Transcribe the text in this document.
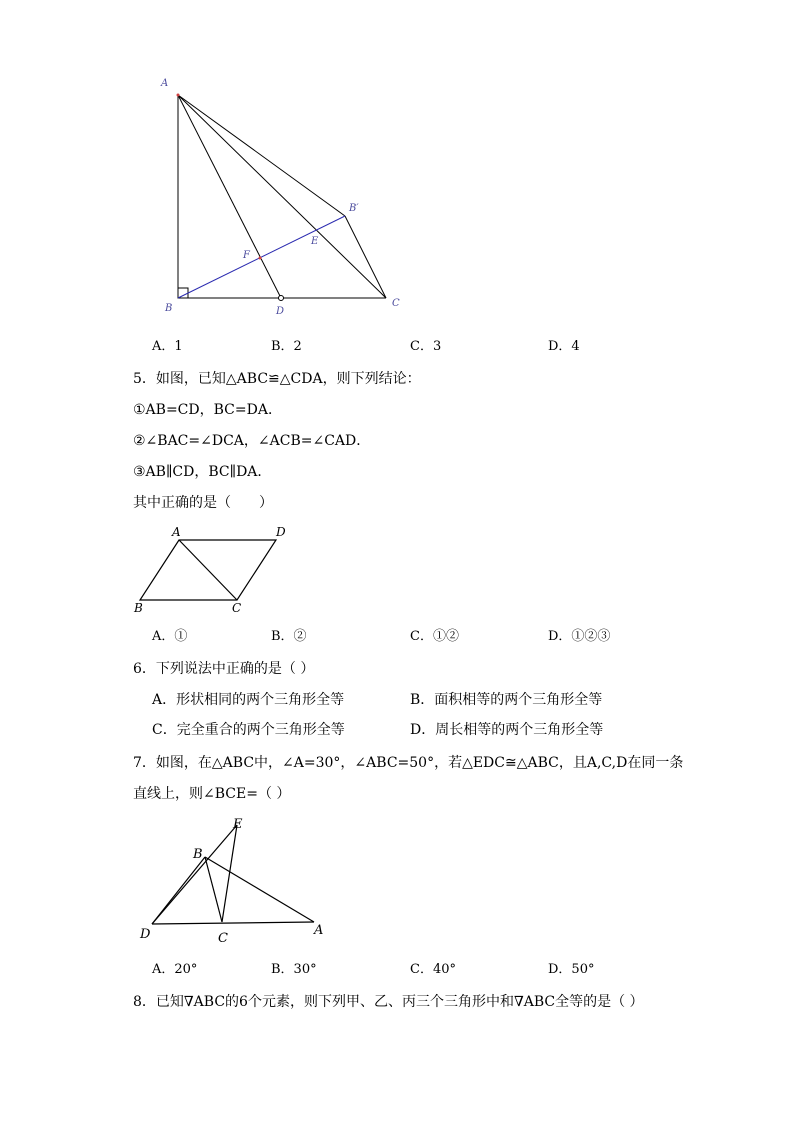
A
B	C
D
E
F
B′
A．1	B．2	C．3	D．4
5．如图，已知△ABC≌△CDA，则下列结论：
①AB=CD，BC=DA．
②∠BAC=∠DCA，∠ACB=∠CAD．
③AB∥CD，BC∥DA．
其中正确的是（　　）
A	D
B	C
A．①	B．②	C．①②	D．①②③
6．下列说法中正确的是（ ）
A．形状相同的两个三角形全等	B．面积相等的两个三角形全等
C．完全重合的两个三角形全等	D．周长相等的两个三角形全等
7．如图，在△ABC中，∠A=30°，∠ABC=50°，若△EDC≅△ABC，且A,C,D在同一条
直线上，则∠BCE=（ ）
E
B
D	C
A
A．20°	B．30°	C．40°	D．50°
8．已知∇ABC的6个元素，则下列甲、乙、丙三个三角形中和∇ABC全等的是（ ）
